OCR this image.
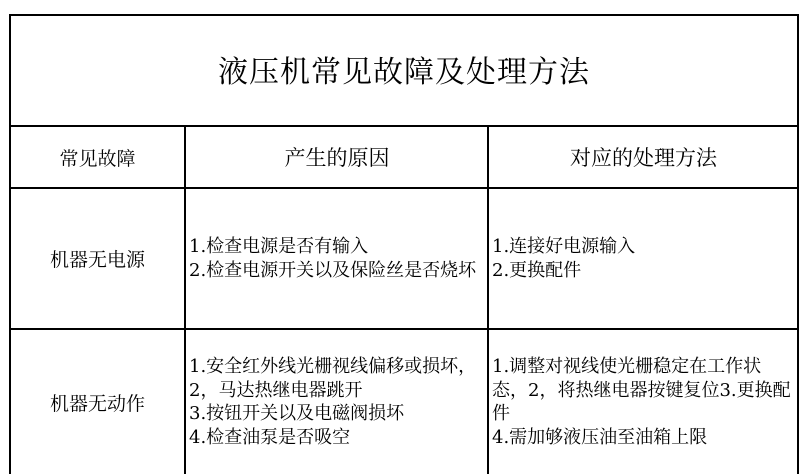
液压机常见故障及处理方法
常见故障	产生的原因	对应的处理方法
机器无电源
1.检查电源是否有输入
2.检查电源开关以及保险丝是否烧坏
1.连接好电源输入
2.更换配件
机器无动作
1.安全红外线光栅视线偏移或损坏，2，马达热继电器跳开
3.按钮开关以及电磁阀损坏
4.检查油泵是否吸空
1.调整对视线使光栅稳定在工作状态，2，将热继电器按键复位3.更换配件
4.需加够液压油至油箱上限
